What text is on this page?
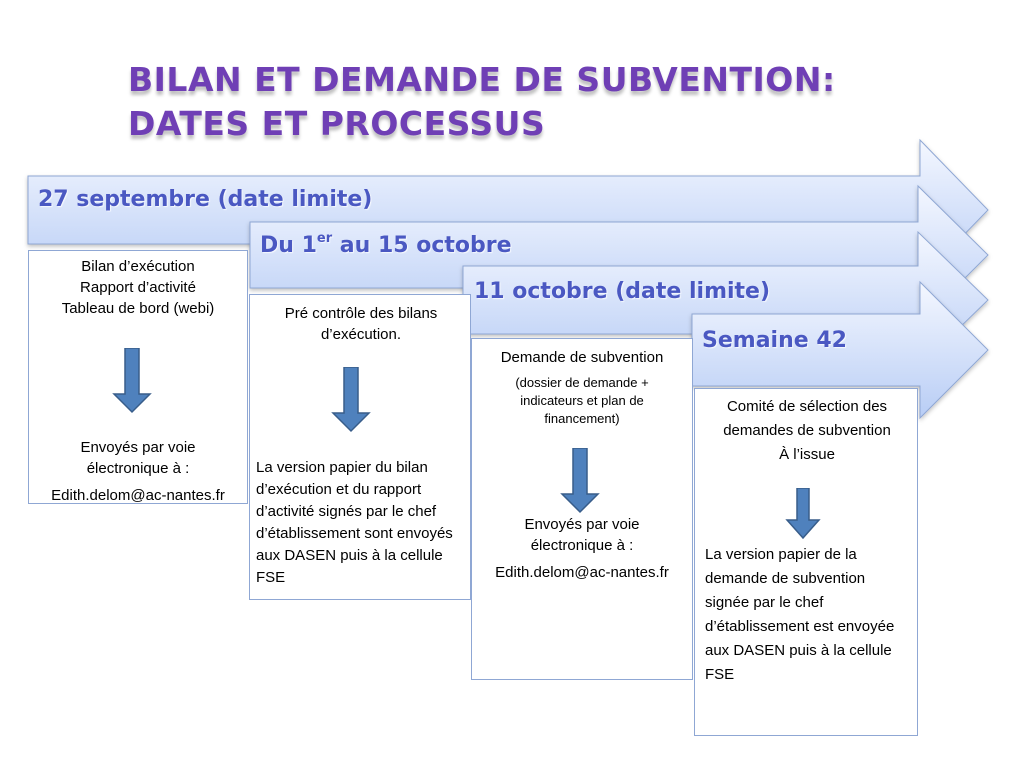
BILAN ET DEMANDE DE SUBVENTION:
DATES ET PROCESSUS
27 septembre (date limite)
Du 1er au 15 octobre
11 octobre (date limite)
Semaine 42
Bilan d’exécution
Rapport d’activité
Tableau de bord (webi)
Envoyés par voie
électronique à :
Edith.delom@ac-nantes.fr
Pré contrôle des bilans
d’exécution.
La version papier du bilan d’exécution et du rapport d’activité signés par le chef d’établissement sont envoyés aux DASEN puis à la cellule FSE
Demande de subvention
(dossier de demande + indicateurs et plan de financement)
Envoyés par voie
électronique à :
Edith.delom@ac-nantes.fr
Comité de sélection des demandes de subvention
À l’issue
La version papier de la demande de subvention signée par le chef d’établissement est envoyée aux DASEN puis à la cellule FSE
